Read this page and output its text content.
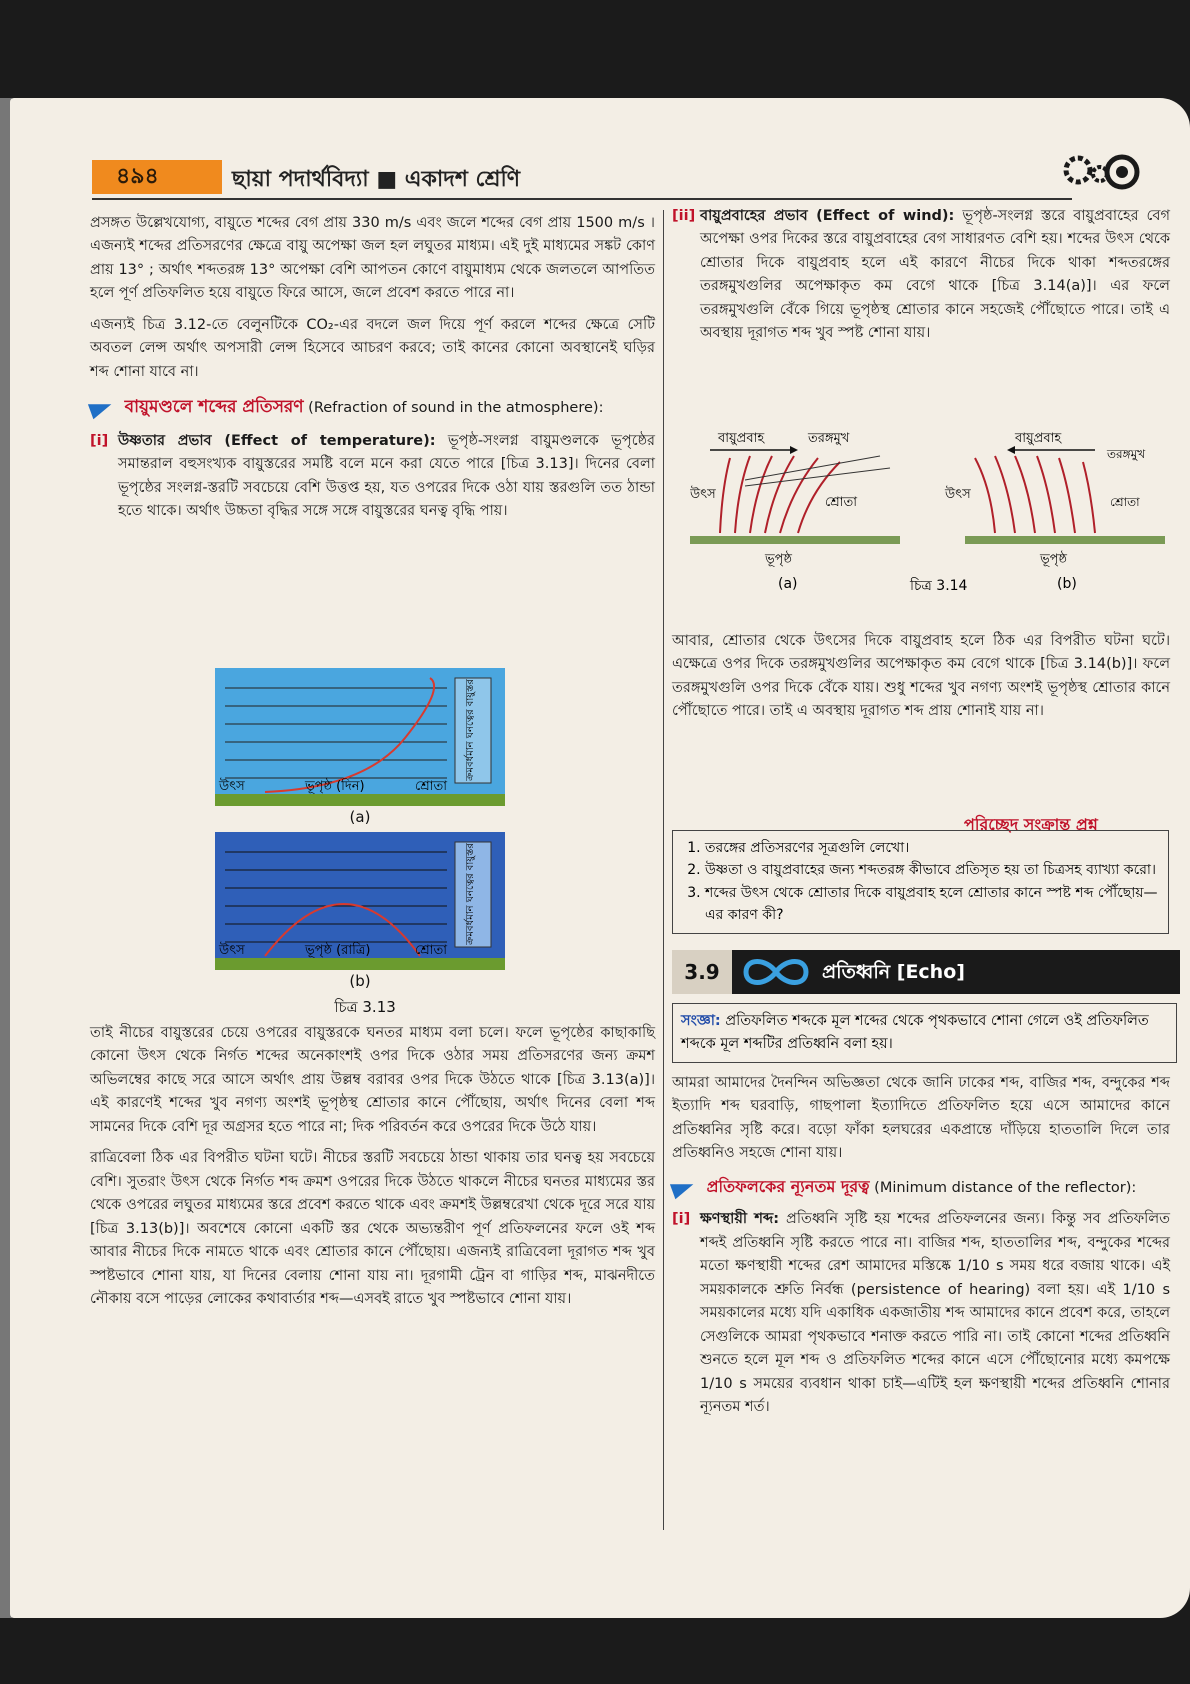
৪৯৪	ছায়া পদার্থবিদ্যা ■ একাদশ শ্রেণি

প্রসঙ্গত উল্লেখযোগ্য, বায়ুতে শব্দের বেগ প্রায় 330 m/s এবং জলে শব্দের বেগ প্রায় 1500 m/s । এজন্যই শব্দের প্রতিসরণের ক্ষেত্রে বায়ু অপেক্ষা জল হল লঘুতর মাধ্যম। এই দুই মাধ্যমের সঙ্কট কোণ প্রায় 13° ; অর্থাৎ শব্দতরঙ্গ 13° অপেক্ষা বেশি আপতন কোণে বায়ুমাধ্যম থেকে জলতলে আপতিত হলে পূর্ণ প্রতিফলিত হয়ে বায়ুতে ফিরে আসে, জলে প্রবেশ করতে পারে না।

এজন্যই চিত্র 3.12-তে বেলুনটিকে CO₂-এর বদলে জল দিয়ে পূর্ণ করলে শব্দের ক্ষেত্রে সেটি অবতল লেন্স অর্থাৎ অপসারী লেন্স হিসেবে আচরণ করবে; তাই কানের কোনো অবস্থানেই ঘড়ির শব্দ শোনা যাবে না।

বায়ুমণ্ডলে শব্দের প্রতিসরণ (Refraction of sound in the atmosphere):

[i] উষ্ণতার প্রভাব (Effect of temperature): ভূপৃষ্ঠ-সংলগ্ন বায়ুমণ্ডলকে ভূপৃষ্ঠের সমান্তরাল বহুসংখ্যক বায়ুস্তরের সমষ্টি বলে মনে করা যেতে পারে [চিত্র 3.13]। দিনের বেলা ভূপৃষ্ঠের সংলগ্ন-স্তরটি সবচেয়ে বেশি উত্তপ্ত হয়, যত ওপরের দিকে ওঠা যায় স্তরগুলি তত ঠান্ডা হতে থাকে। অর্থাৎ উচ্চতা বৃদ্ধির সঙ্গে সঙ্গে বায়ুস্তরের ঘনত্ব বৃদ্ধি পায়।

ক্রমবর্ধমান ঘনত্বের বায়ুস্তর
উৎস	ভূপৃষ্ঠ (দিন)	শ্রোতা
(a)
ক্রমবর্ধমান ঘনত্বের বায়ুস্তর
উৎস	ভূপৃষ্ঠ (রাত্রি)	শ্রোতা
(b)
চিত্র 3.13

তাই নীচের বায়ুস্তরের চেয়ে ওপরের বায়ুস্তরকে ঘনতর মাধ্যম বলা চলে। ফলে ভূপৃষ্ঠের কাছাকাছি কোনো উৎস থেকে নির্গত শব্দের অনেকাংশই ওপর দিকে ওঠার সময় প্রতিসরণের জন্য ক্রমশ অভিলম্বের কাছে সরে আসে অর্থাৎ প্রায় উল্লম্ব বরাবর ওপর দিকে উঠতে থাকে [চিত্র 3.13(a)]। এই কারণেই শব্দের খুব নগণ্য অংশই ভূপৃষ্ঠস্থ শ্রোতার কানে পৌঁছোয়, অর্থাৎ দিনের বেলা শব্দ সামনের দিকে বেশি দূর অগ্রসর হতে পারে না; দিক পরিবর্তন করে ওপরের দিকে উঠে যায়।

রাত্রিবেলা ঠিক এর বিপরীত ঘটনা ঘটে। নীচের স্তরটি সবচেয়ে ঠান্ডা থাকায় তার ঘনত্ব হয় সবচেয়ে বেশি। সুতরাং উৎস থেকে নির্গত শব্দ ক্রমশ ওপরের দিকে উঠতে থাকলে নীচের ঘনতর মাধ্যমের স্তর থেকে ওপরের লঘুতর মাধ্যমের স্তরে প্রবেশ করতে থাকে এবং ক্রমশই উল্লম্বরেখা থেকে দূরে সরে যায় [চিত্র 3.13(b)]। অবশেষে কোনো একটি স্তর থেকে অভ্যন্তরীণ পূর্ণ প্রতিফলনের ফলে ওই শব্দ আবার নীচের দিকে নামতে থাকে এবং শ্রোতার কানে পৌঁছোয়। এজন্যই রাত্রিবেলা দূরাগত শব্দ খুব স্পষ্টভাবে শোনা যায়, যা দিনের বেলায় শোনা যায় না। দূরগামী ট্রেন বা গাড়ির শব্দ, মাঝনদীতে নৌকায় বসে পাড়ের লোকের কথাবার্তার শব্দ—এসবই রাতে খুব স্পষ্টভাবে শোনা যায়।

[ii] বায়ুপ্রবাহের প্রভাব (Effect of wind): ভূপৃষ্ঠ-সংলগ্ন স্তরে বায়ুপ্রবাহের বেগ অপেক্ষা ওপর দিকের স্তরে বায়ুপ্রবাহের বেগ সাধারণত বেশি হয়। শব্দের উৎস থেকে শ্রোতার দিকে বায়ুপ্রবাহ হলে এই কারণে নীচের দিকে থাকা শব্দতরঙ্গের তরঙ্গমুখগুলির অপেক্ষাকৃত কম বেগে থাকে [চিত্র 3.14(a)]। এর ফলে তরঙ্গমুখগুলি বেঁকে গিয়ে ভূপৃষ্ঠস্থ শ্রোতার কানে সহজেই পৌঁছোতে পারে। তাই এ অবস্থায় দূরাগত শব্দ খুব স্পষ্ট শোনা যায়।

বায়ুপ্রবাহ	তরঙ্গমুখ
উৎস
শ্রোতা
ভূপৃষ্ঠ
(a)
বায়ুপ্রবাহ
তরঙ্গমুখ
উৎস	শ্রোতা
ভূপৃষ্ঠ
(b)
চিত্র 3.14

আবার, শ্রোতার থেকে উৎসের দিকে বায়ুপ্রবাহ হলে ঠিক এর বিপরীত ঘটনা ঘটে। এক্ষেত্রে ওপর দিকে তরঙ্গমুখগুলির অপেক্ষাকৃত কম বেগে থাকে [চিত্র 3.14(b)]। ফলে তরঙ্গমুখগুলি ওপর দিকে বেঁকে যায়। শুধু শব্দের খুব নগণ্য অংশই ভূপৃষ্ঠস্থ শ্রোতার কানে পৌঁছোতে পারে। তাই এ অবস্থায় দূরাগত শব্দ প্রায় শোনাই যায় না।

পরিচ্ছেদ সংক্রান্ত প্রশ্ন
1. তরঙ্গের প্রতিসরণের সূত্রগুলি লেখো।
2. উষ্ণতা ও বায়ুপ্রবাহের জন্য শব্দতরঙ্গ কীভাবে প্রতিসৃত হয় তা চিত্রসহ ব্যাখ্যা করো।
3. শব্দের উৎস থেকে শ্রোতার দিকে বায়ুপ্রবাহ হলে শ্রোতার কানে স্পষ্ট শব্দ পৌঁছোয়—এর কারণ কী?
3.9	প্রতিধ্বনি [Echo]
সংজ্ঞা: প্রতিফলিত শব্দকে মূল শব্দের থেকে পৃথকভাবে শোনা গেলে ওই প্রতিফলিত শব্দকে মূল শব্দটির প্রতিধ্বনি বলা হয়।

আমরা আমাদের দৈনন্দিন অভিজ্ঞতা থেকে জানি ঢাকের শব্দ, বাজির শব্দ, বন্দুকের শব্দ ইত্যাদি শব্দ ঘরবাড়ি, গাছপালা ইত্যাদিতে প্রতিফলিত হয়ে এসে আমাদের কানে প্রতিধ্বনির সৃষ্টি করে। বড়ো ফাঁকা হলঘরের একপ্রান্তে দাঁড়িয়ে হাততালি দিলে তার প্রতিধ্বনিও সহজে শোনা যায়।

প্রতিফলকের ন্যূনতম দূরত্ব (Minimum distance of the reflector):

[i] ক্ষণস্থায়ী শব্দ: প্রতিধ্বনি সৃষ্টি হয় শব্দের প্রতিফলনের জন্য। কিন্তু সব প্রতিফলিত শব্দই প্রতিধ্বনি সৃষ্টি করতে পারে না। বাজির শব্দ, হাততালির শব্দ, বন্দুকের শব্দের মতো ক্ষণস্থায়ী শব্দের রেশ আমাদের মস্তিষ্কে 1/10 s সময় ধরে বজায় থাকে। এই সময়কালকে শ্রুতি নির্বন্ধ (persistence of hearing) বলা হয়। এই 1/10 s সময়কালের মধ্যে যদি একাধিক একজাতীয় শব্দ আমাদের কানে প্রবেশ করে, তাহলে সেগুলিকে আমরা পৃথকভাবে শনাক্ত করতে পারি না। তাই কোনো শব্দের প্রতিধ্বনি শুনতে হলে মূল শব্দ ও প্রতিফলিত শব্দের কানে এসে পৌঁছোনোর মধ্যে কমপক্ষে 1/10 s সময়ের ব্যবধান থাকা চাই—এটিই হল ক্ষণস্থায়ী শব্দের প্রতিধ্বনি শোনার ন্যূনতম শর্ত।
